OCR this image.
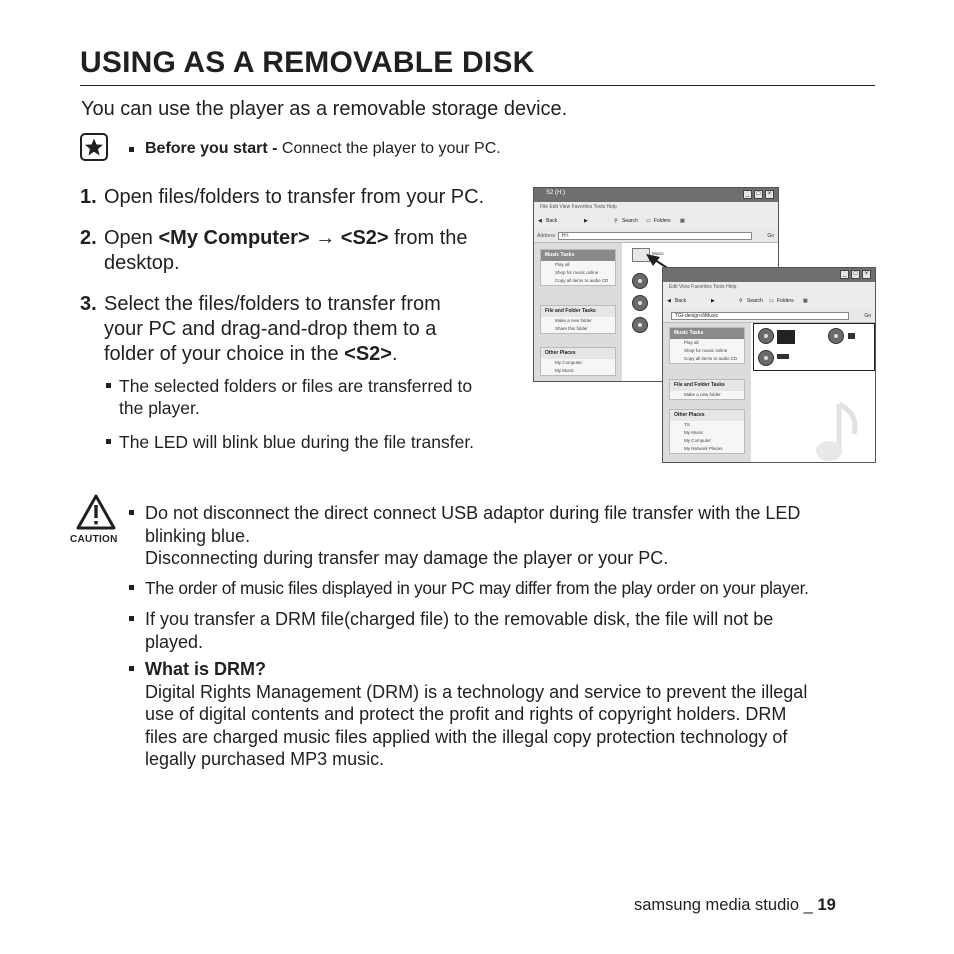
USING AS A REMOVABLE DISK
You can use the player as a removable storage device.
Before you start - Connect the player to your PC.
1. Open files/folders to transfer from your PC.
2. Open <My Computer> → <S2> from the
desktop.
3. Select the files/folders to transfer from
your PC and drag-and-drop them to a
folder of your choice in the <S2>.
The selected folders or files are transferred to
the player.
The LED will blink blue during the file transfer.
S2 (H:)	_	□	×
File Edit View Favorites Tools Help
◀ Back	▶	⚲ Search ▭ Folders ▦
Address	H:\	Go
Music Tasks
Play all
Shop for music online
Copy all items to audio CD
File and Folder Tasks
Make a new folder
Share this folder
Other Places
My Computer
My Music
Music
_	□	×
Edit View Favorites Tools Help
◀ Back	▶	⚲ Search ▭ Folders ▦
TGI-design-ii\Music	Go
Music Tasks
Play all
Shop for music online
Copy all items to audio CD
File and Folder Tasks
Make a new folder
Other Places
TS
My Music
My Computer
My Network Places
CAUTION
Do not disconnect the direct connect USB adaptor during file transfer with the LED
blinking blue.
Disconnecting during transfer may damage the player or your PC.
The order of music files displayed in your PC may differ from the play order on your player.
If you transfer a DRM file(charged file) to the removable disk, the file will not be
played.
What is DRM?
Digital Rights Management (DRM) is a technology and service to prevent the illegal
use of digital contents and protect the profit and rights of copyright holders. DRM
files are charged music files applied with the illegal copy protection technology of
legally purchased MP3 music.
samsung media studio _ 19
